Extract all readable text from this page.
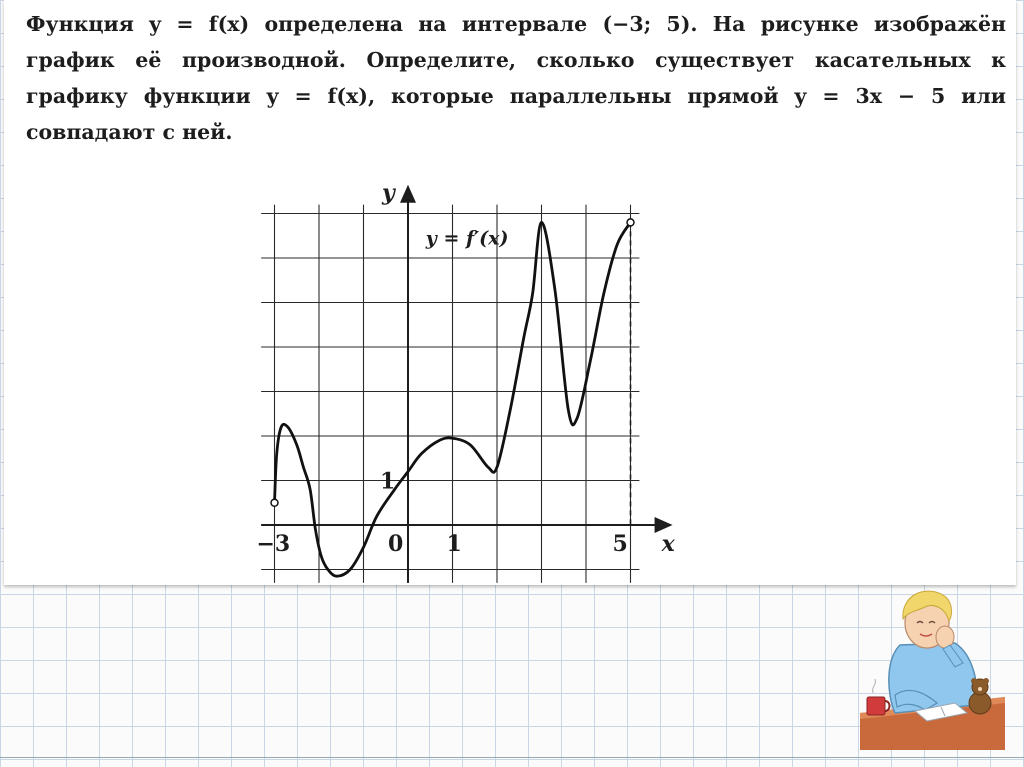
Функция y = f(x) определена на интервале (−3; 5). На рисунке изображён график её производной. Определите, сколько существует касательных к графику функции y = f(x), которые параллельны прямой y = 3x − 5 или совпадают с ней.

−3	0 1	5
1
x
y
y = f′(x)
